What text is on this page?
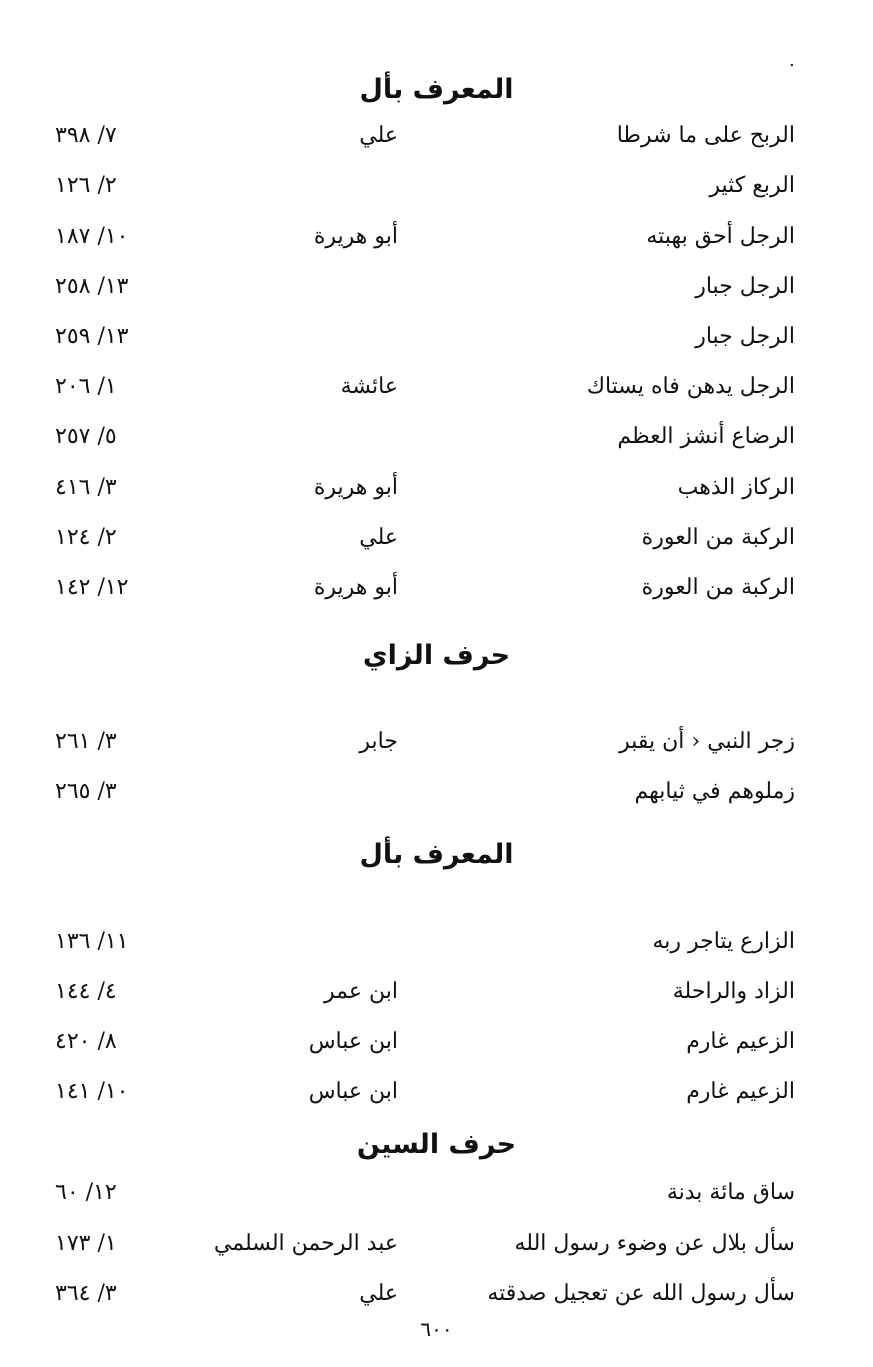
.
المعرف بأل
الربح على ما شرطا
علي
٧/ ٣٩٨
الربع كثير
٢/ ١٢٦
الرجل أحق بهبته
أبو هريرة
١٠/ ١٨٧
الرجل جبار
١٣/ ٢٥٨
الرجل جبار
١٣/ ٢٥٩
الرجل يدهن فاه يستاك
عائشة
١/ ٢٠٦
الرضاع أنشز العظم
٥/ ٢٥٧
الركاز الذهب
أبو هريرة
٣/ ٤١٦
الركبة من العورة
علي
٢/ ١٢٤
الركبة من العورة
أبو هريرة
١٢/ ١٤٢
حرف الزاي
زجر النبي ‹ أن يقبر
جابر
٣/ ٢٦١
زملوهم في ثيابهم
٣/ ٢٦٥
المعرف بأل
الزارع يتاجر ربه
١١/ ١٣٦
الزاد والراحلة
ابن عمر
٤/ ١٤٤
الزعيم غارم
ابن عباس
٨/ ٤٢٠
الزعيم غارم
ابن عباس
١٠/ ١٤١
حرف السين
ساق مائة بدنة
١٢/ ٦٠
سأل بلال عن وضوء رسول الله
عبد الرحمن السلمي
١/ ١٧٣
سأل رسول الله عن تعجيل صدقته
علي
٣/ ٣٦٤
٦٠٠
